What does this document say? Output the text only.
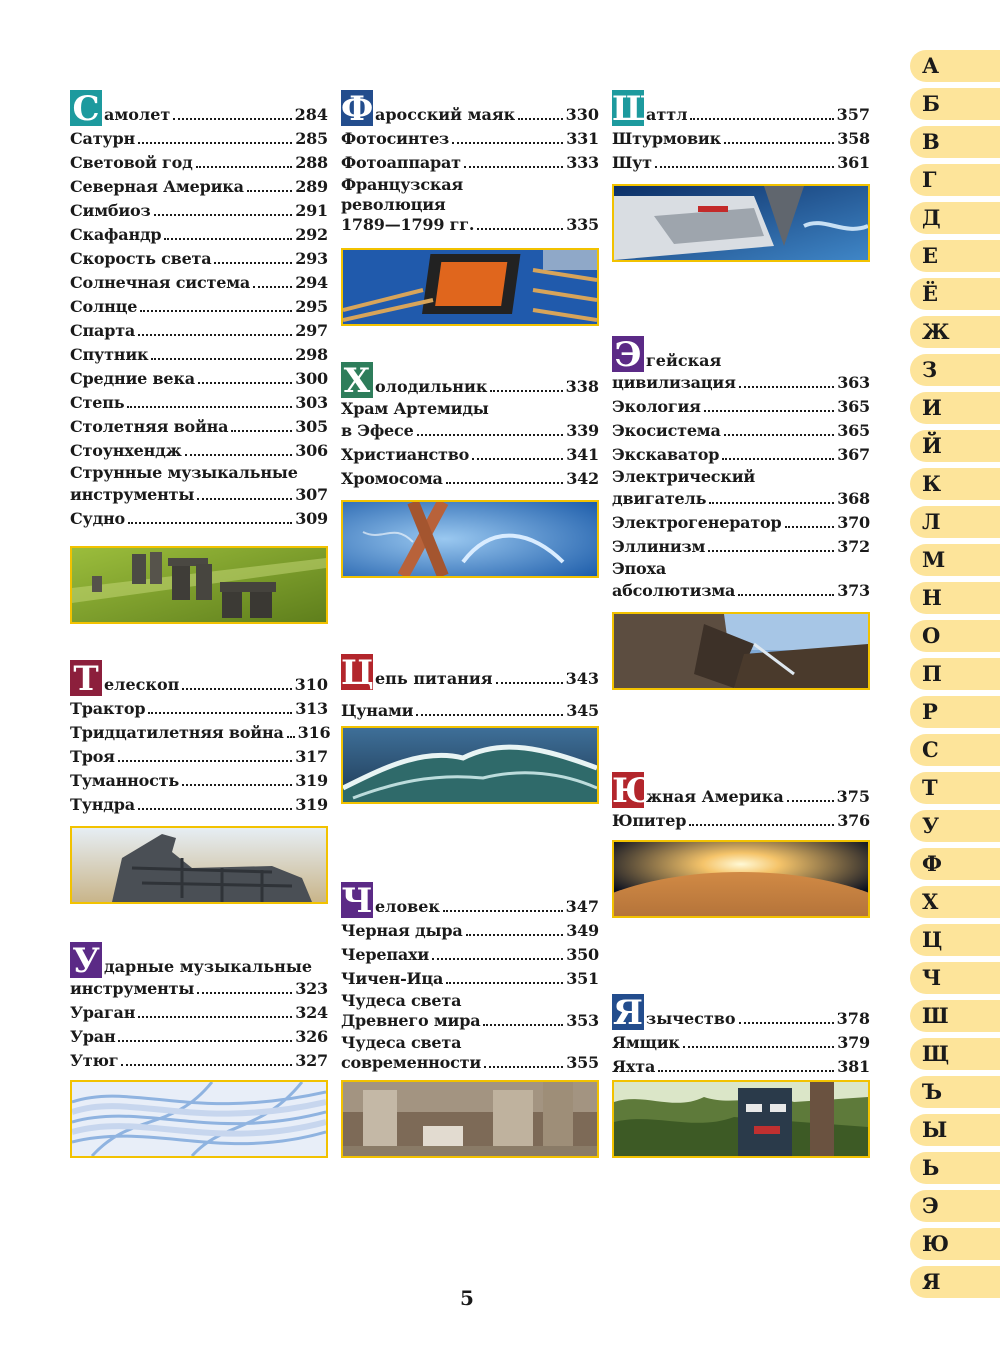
С амолет	284
Сатурн	285
Световой год	288
Северная Америка	289
Симбиоз	291
Скафандр	292
Скорость света	293
Солнечная система	294
Солнце	295
Спарта	297
Спутник	298
Средние века	300
Степь	303
Столетняя война	305
Стоунхендж	306
Струнные музыкальные
инструменты	307
Судно	309
Т елескоп	310
Трактор	313
Тридцатилетняя война 316
Троя	317
Туманность	319
Тундра	319
У дарные музыкальные
инструменты	323
Ураган	324
Уран	326
Утюг	327
Ф аросский маяк	330
Фотосинтез	331
Фотоаппарат	333
Французская
революция
1789—1799 гг.	335
Х олодильник	338
Храм Артемиды
в Эфесе	339
Христианство	341
Хромосома	342
Ц епь питания	343
Цунами	345
Ч еловек	347
Черная дыра	349
Черепахи	350
Чичен-Ица	351
Чудеса света
Древнего мира	353
Чудеса света
современности	355
Ш
аттл	357
Штурмовик	358
Шут	361
Э гейская
цивилизация	363
Экология	365
Экосистема	365
Экскаватор	367
Электрический
двигатель	368
Электрогенератор	370
Эллинизм	372
Эпоха
абсолютизма	373
Ю
жная Америка	375
Юпитер	376
Я зычество	378
Ямщик	379
Яхта	381
А
Б
В
Г
Д
Е
Ё
Ж
З
И
Й
К
Л
М
Н
О
П
Р
С
Т
У
Ф
Х
Ц
Ч
Ш
Щ
Ъ
Ы
Ь
Э
Ю
Я
5
